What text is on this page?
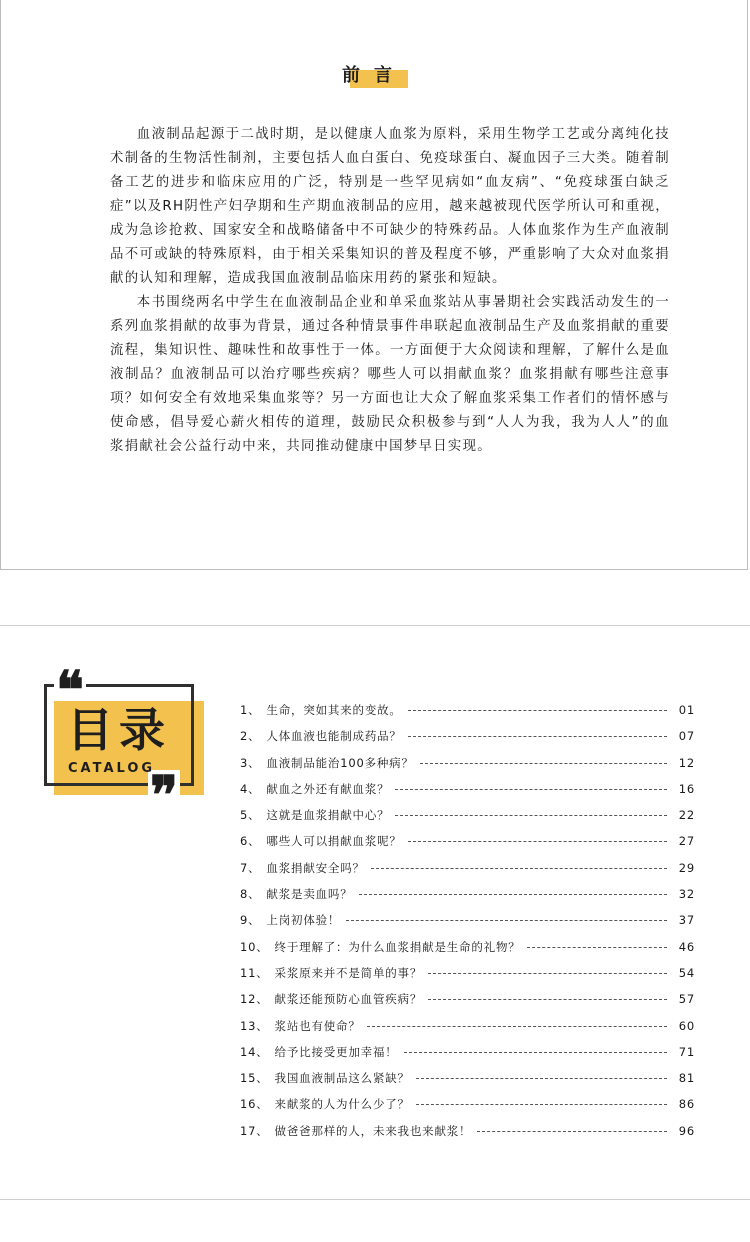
前言

血液制品起源于二战时期，是以健康人血浆为原料，采用生物学工艺或分离纯化技术制备的生物活性制剂，主要包括人血白蛋白、免疫球蛋白、凝血因子三大类。随着制备工艺的进步和临床应用的广泛，特别是一些罕见病如“血友病”、“免疫球蛋白缺乏症”以及RH阴性产妇孕期和生产期血液制品的应用，越来越被现代医学所认可和重视，成为急诊抢救、国家安全和战略储备中不可缺少的特殊药品。人体血浆作为生产血液制品不可或缺的特殊原料，由于相关采集知识的普及程度不够，严重影响了大众对血浆捐献的认知和理解，造成我国血液制品临床用药的紧张和短缺。

本书围绕两名中学生在血液制品企业和单采血浆站从事暑期社会实践活动发生的一系列血浆捐献的故事为背景，通过各种情景事件串联起血液制品生产及血浆捐献的重要流程，集知识性、趣味性和故事性于一体。一方面便于大众阅读和理解，了解什么是血液制品？血液制品可以治疗哪些疾病？哪些人可以捐献血浆？血浆捐献有哪些注意事项？如何安全有效地采集血浆等？另一方面也让大众了解血浆采集工作者们的情怀感与使命感，倡导爱心薪火相传的道理，鼓励民众积极参与到“人人为我，我为人人”的血浆捐献社会公益行动中来，共同推动健康中国梦早日实现。

❝
❞
目录
CATALOG
1、 生命，突如其来的变故。	01
2、 人体血液也能制成药品？	07
3、 血液制品能治100多种病？	12
4、 献血之外还有献血浆？	16
5、 这就是血浆捐献中心？	22
6、 哪些人可以捐献血浆呢？	27
7、 血浆捐献安全吗？	29
8、 献浆是卖血吗？	32
9、 上岗初体验！	37
10、 终于理解了：为什么血浆捐献是生命的礼物？	46
11、 采浆原来并不是简单的事？	54
12、 献浆还能预防心血管疾病？	57
13、 浆站也有使命？	60
14、 给予比接受更加幸福！	71
15、 我国血液制品这么紧缺？	81
16、 来献浆的人为什么少了？	86
17、 做爸爸那样的人，未来我也来献浆！	96
